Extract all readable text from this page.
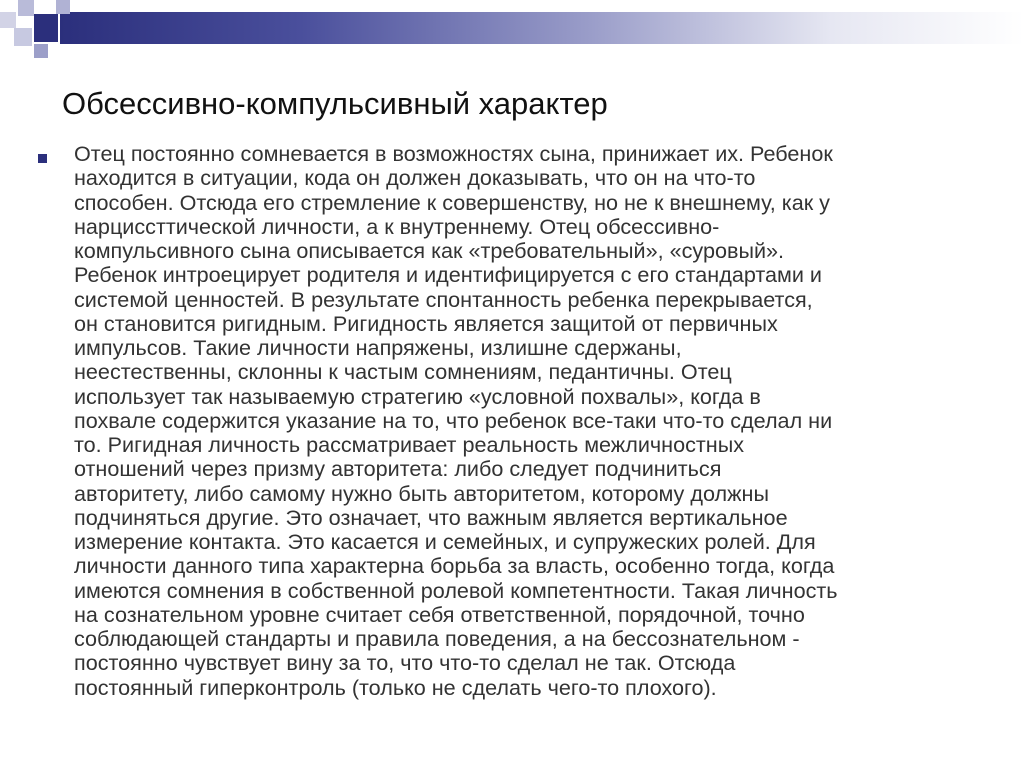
Обсессивно-компульсивный характер
Отец постоянно сомневается в возможностях сына, принижает их. Ребенок
находится в ситуации, кода он должен доказывать, что он на что-то
способен. Отсюда его стремление к совершенству, но не к внешнему, как у
нарциссттической личности, а к внутреннему. Отец обсессивно-
компульсивного сына описывается как «требовательный», «суровый».
Ребенок интроецирует родителя и идентифицируется с его стандартами и
системой ценностей. В результате спонтанность ребенка перекрывается,
он становится ригидным. Ригидность является защитой от первичных
импульсов. Такие личности напряжены, излишне сдержаны,
неестественны, склонны к частым сомнениям, педантичны. Отец
использует так называемую стратегию «условной похвалы», когда в
похвале содержится указание на то, что ребенок все-таки что-то сделал ни
то. Ригидная личность рассматривает реальность межличностных
отношений через призму авторитета: либо следует подчиниться
авторитету, либо самому нужно быть авторитетом, которому должны
подчиняться другие. Это означает, что важным является вертикальное
измерение контакта. Это касается и семейных, и супружеских ролей. Для
личности данного типа характерна борьба за власть, особенно тогда, когда
имеются сомнения в собственной ролевой компетентности. Такая личность
на сознательном уровне считает себя ответственной, порядочной, точно
соблюдающей стандарты и правила поведения, а на бессознательном -
постоянно чувствует вину за то, что что-то сделал не так. Отсюда
постоянный гиперконтроль (только не сделать чего-то плохого).
